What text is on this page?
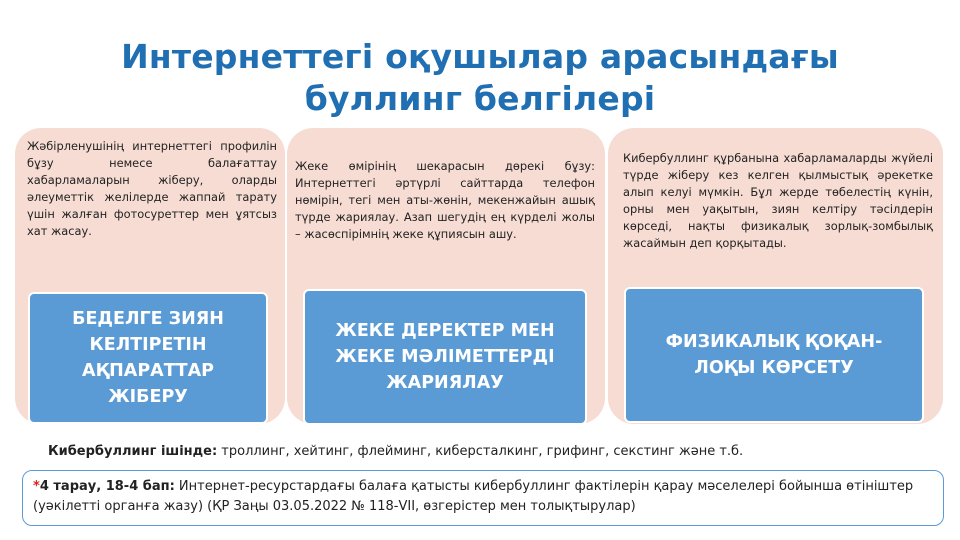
Интернеттегі оқушылар арасындағы
буллинг белгілері

Жәбірленушінің интернеттегі профилін бұзу немесе балағаттау хабарламаларын жіберу, оларды әлеуметтік желілерде жаппай тарату үшін жалған фотосуреттер мен ұятсыз хат жасау.

БЕДЕЛГЕ ЗИЯН КЕЛТІРЕТІН АҚПАРАТТАР ЖІБЕРУ

Жеке өмірінің шекарасын дөрекі бұзу: Интернеттегі әртүрлі сайттарда телефон нөмірін, тегі мен аты-жөнін, мекенжайын ашық түрде жариялау. Азап шегудің ең күрделі жолы – жасөспірімнің жеке құпиясын ашу.

ЖЕКЕ ДЕРЕКТЕР МЕН ЖЕКЕ МӘЛІМЕТТЕРДІ ЖАРИЯЛАУ

Кибербуллинг құрбанына хабарламаларды жүйелі түрде жіберу кез келген қылмыстық әрекетке алып келуі мүмкін. Бұл жерде төбелестің күнін, орны мен уақытын, зиян келтіру тәсілдерін көрседі, нақты физикалық зорлық-зомбылық жасаймын деп қорқытады.

ФИЗИКАЛЫҚ ҚОҚАН-ЛОҚЫ КӨРСЕТУ
Кибербуллинг ішінде: троллинг, хейтинг, флейминг, киберсталкинг, грифинг, секстинг және т.б.
*4 тарау, 18-4 бап: Интернет-ресурстардағы балаға қатысты кибербуллинг фактілерін қарау мәселелері бойынша өтініштер (уәкілетті органға жазу) (ҚР Заңы 03.05.2022 № 118-VII, өзгерістер мен толықтырулар)
